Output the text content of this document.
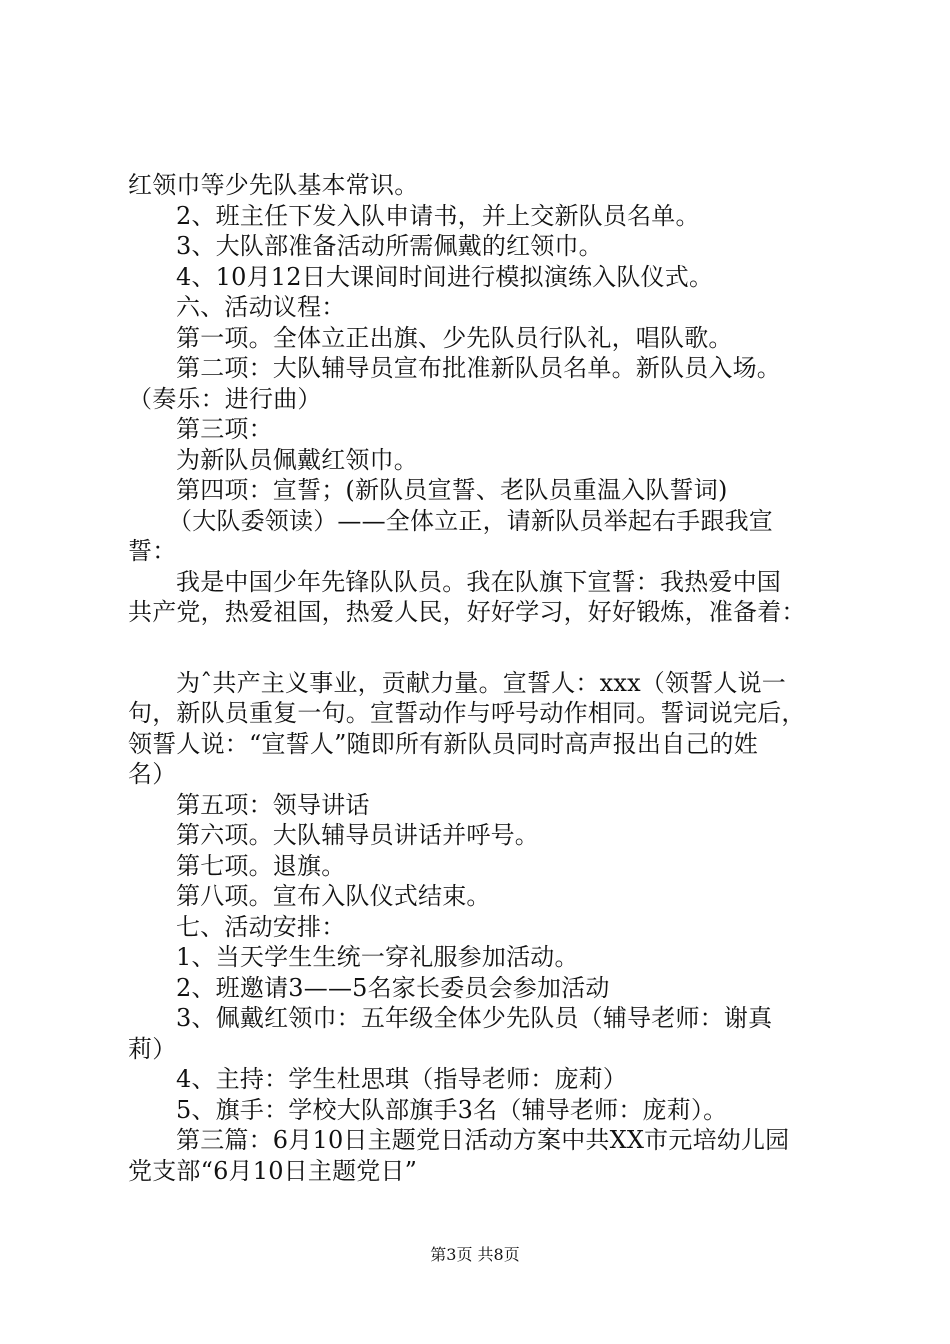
红领巾等少先队基本常识。
2、班主任下发入队申请书，并上交新队员名单。
3、大队部准备活动所需佩戴的红领巾。
4、10月12日大课间时间进行模拟演练入队仪式。
六、活动议程：
第一项。全体立正出旗、少先队员行队礼，唱队歌。
第二项：大队辅导员宣布批准新队员名单。新队员入场。
（奏乐：进行曲）
第三项：
为新队员佩戴红领巾。
第四项：宣誓；(新队员宣誓、老队员重温入队誓词)
（大队委领读）——全体立正，请新队员举起右手跟我宣
誓：
我是中国少年先锋队队员。我在队旗下宣誓：我热爱中国
共产党，热爱祖国，热爱人民，好好学习，好好锻炼，准备着：
为ˆ共产主义事业，贡献力量。宣誓人：xxx（领誓人说一
句，新队员重复一句。宣誓动作与呼号动作相同。誓词说完后，
领誓人说：“宣誓人”随即所有新队员同时高声报出自己的姓
名）
第五项：领导讲话
第六项。大队辅导员讲话并呼号。
第七项。退旗。
第八项。宣布入队仪式结束。
七、活动安排：
1、当天学生生统一穿礼服参加活动。
2、班邀请3——5名家长委员会参加活动
3、佩戴红领巾：五年级全体少先队员（辅导老师：谢真
莉）
4、主持：学生杜思琪（指导老师：庞莉）
5、旗手：学校大队部旗手3名（辅导老师：庞莉）。
第三篇：6月10日主题党日活动方案中共XX市元培幼儿园
党支部“6月10日主题党日”
第3页 共8页
